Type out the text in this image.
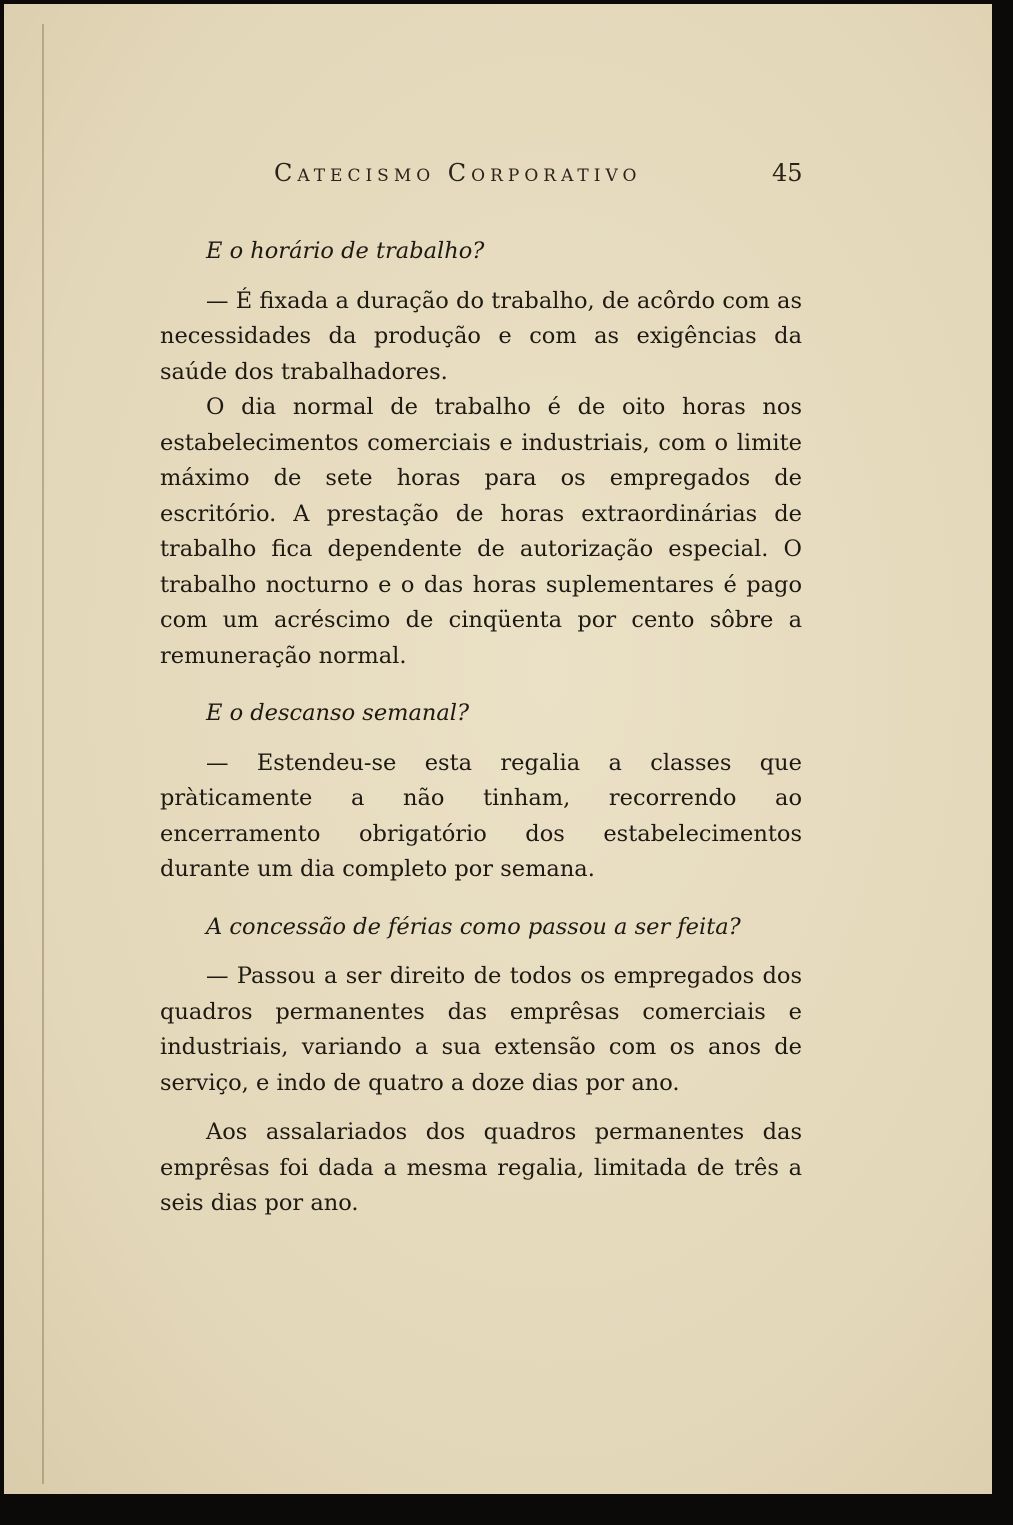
Catecismo Corporativo	45

E o horário de trabalho?

— É fixada a duração do trabalho, de acôrdo com as necessidades da produção e com as exigências da saúde dos trabalhadores.

O dia normal de trabalho é de oito horas nos estabelecimentos comerciais e industriais, com o limite máximo de sete horas para os empregados de escritório. A prestação de horas extraordinárias de trabalho fica dependente de autorização especial. O trabalho nocturno e o das horas suplementares é pago com um acréscimo de cinqüenta por cento sôbre a remuneração normal.

E o descanso semanal?

— Estendeu-se esta regalia a classes que pràticamente a não tinham, recorrendo ao encerramento obrigatório dos estabelecimentos durante um dia completo por semana.

A concessão de férias como passou a ser feita?

— Passou a ser direito de todos os empregados dos quadros permanentes das emprêsas comerciais e industriais, variando a sua extensão com os anos de serviço, e indo de quatro a doze dias por ano.

Aos assalariados dos quadros permanentes das emprêsas foi dada a mesma regalia, limitada de três a seis dias por ano.
